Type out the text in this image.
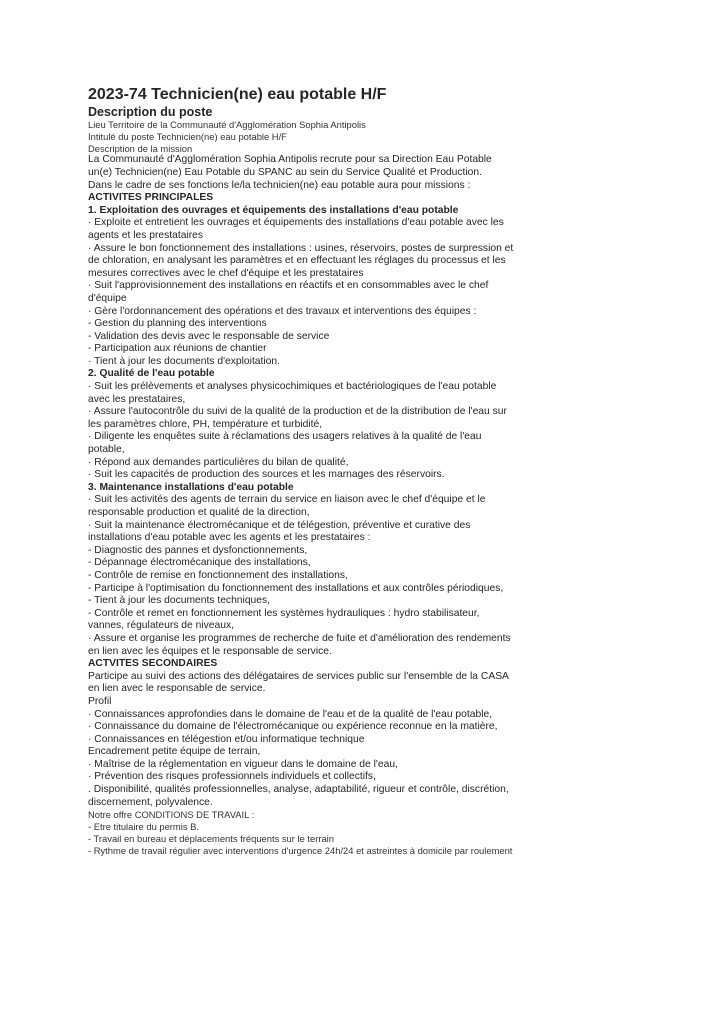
2023-74 Technicien(ne) eau potable H/F
Description du poste

Lieu Territoire de la Communauté d'Agglomération Sophia Antipolis

Intitulé du poste Technicien(ne) eau potable H/F

Description de la mission

La Communauté d'Agglomération Sophia Antipolis recrute pour sa Direction Eau Potable un(e) Technicien(ne) Eau Potable du SPANC au sein du Service Qualité et Production.

Dans le cadre de ses fonctions le/la technicien(ne) eau potable aura pour missions :

ACTIVITES PRINCIPALES

1. Exploitation des ouvrages et équipements des installations d'eau potable

· Exploite et entretient les ouvrages et équipements des installations d'eau potable avec les agents et les prestataires

· Assure le bon fonctionnement des installations : usines, réservoirs, postes de surpression et de chloration, en analysant les paramètres et en effectuant les réglages du processus et les mesures correctives avec le chef d'équipe et les prestataires

· Suit l'approvisionnement des installations en réactifs et en consommables avec le chef d'équipe

· Gère l'ordonnancement des opérations et des travaux et interventions des équipes :

- Gestion du planning des interventions

- Validation des devis avec le responsable de service

- Participation aux réunions de chantier

· Tient à jour les documents d'exploitation.

2. Qualité de l'eau potable

· Suit les prélèvements et analyses physicochimiques et bactériologiques de l'eau potable avec les prestataires,

· Assure l'autocontrôle du suivi de la qualité de la production et de la distribution de l'eau sur les paramètres chlore, PH, température et turbidité,

· Diligente les enquêtes suite à réclamations des usagers relatives à la qualité de l'eau potable,

· Répond aux demandes particulières du bilan de qualité,

· Suit les capacités de production des sources et les marnages des réservoirs.

3. Maintenance installations d'eau potable

· Suit les activités des agents de terrain du service en liaison avec le chef d'équipe et le responsable production et qualité de la direction,

· Suit la maintenance électromécanique et de télégestion, préventive et curative des installations d'eau potable avec les agents et les prestataires :

- Diagnostic des pannes et dysfonctionnements,

- Dépannage électromécanique des installations,

- Contrôle de remise en fonctionnement des installations,

- Participe à l'optimisation du fonctionnement des installations et aux contrôles périodiques,

- Tient à jour les documents techniques,

- Contrôle et remet en fonctionnement les systèmes hydrauliques : hydro stabilisateur, vannes, régulateurs de niveaux,

· Assure et organise les programmes de recherche de fuite et d'amélioration des rendements en lien avec les équipes et le responsable de service.

ACTVITES SECONDAIRES

Participe au suivi des actions des délégataires de services public sur l'ensemble de la CASA en lien avec le responsable de service.

Profil

· Connaissances approfondies dans le domaine de l'eau et de la qualité de l'eau potable,

· Connaissance du domaine de l'électromécanique ou expérience reconnue en la matière,

· Connaissances en télégestion et/ou informatique technique

Encadrement petite équipe de terrain,

· Maîtrise de la réglementation en vigueur dans le domaine de l'eau,

· Prévention des risques professionnels individuels et collectifs,

. Disponibilité, qualités professionnelles, analyse, adaptabilité, rigueur et contrôle, discrétion, discernement, polyvalence.

Notre offre CONDITIONS DE TRAVAIL :

- Etre titulaire du permis B.

- Travail en bureau et déplacements fréquents sur le terrain

- Rythme de travail régulier avec interventions d'urgence 24h/24 et astreintes à domicile par roulement
